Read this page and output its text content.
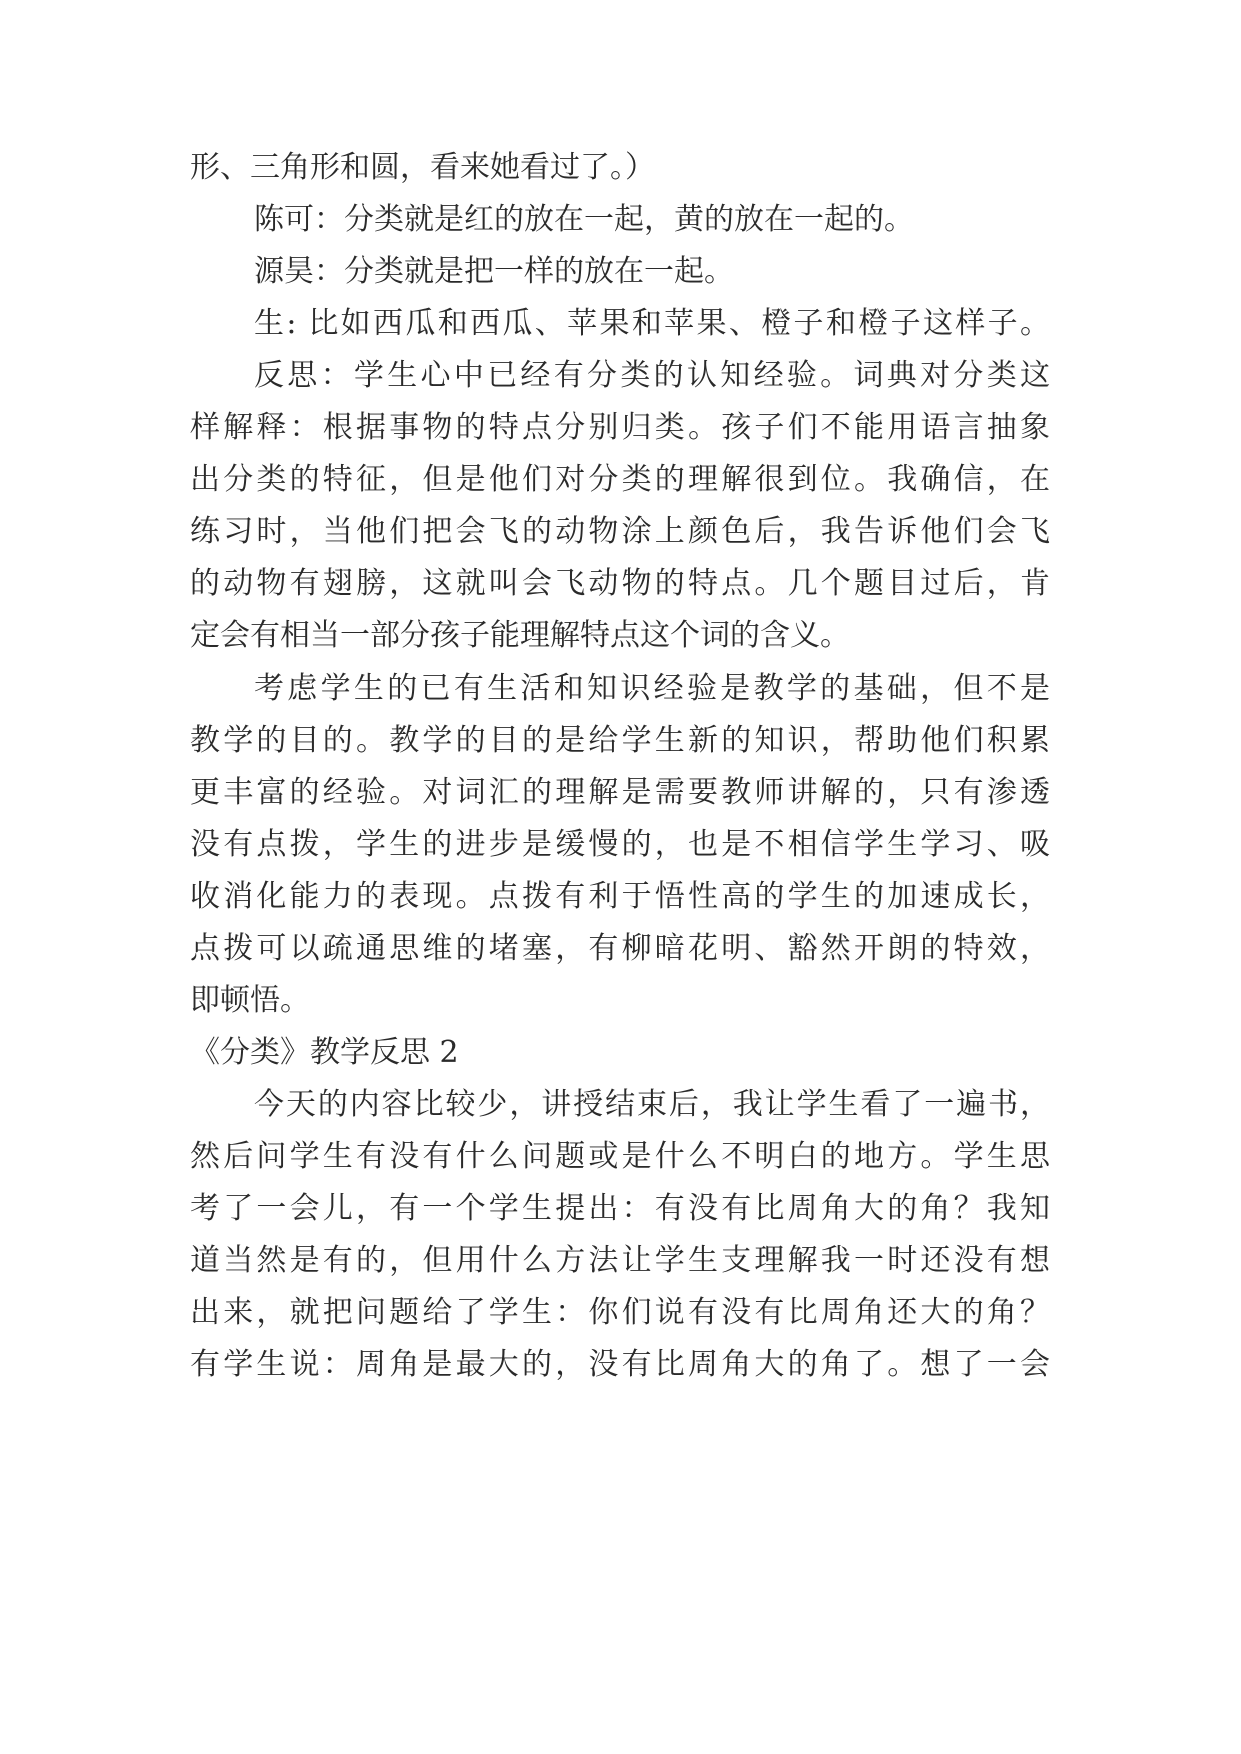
形、三角形和圆，看来她看过了。）
陈可：分类就是红的放在一起，黄的放在一起的。
源昊：分类就是把一样的放在一起。
生: 比如西瓜和西瓜、苹果和苹果、橙子和橙子这样子。
反思：学生心中已经有分类的认知经验。词典对分类这
样解释：根据事物的特点分别归类。孩子们不能用语言抽象
出分类的特征，但是他们对分类的理解很到位。我确信，在
练习时，当他们把会飞的动物涂上颜色后，我告诉他们会飞
的动物有翅膀，这就叫会飞动物的特点。几个题目过后，肯
定会有相当一部分孩子能理解特点这个词的含义。
考虑学生的已有生活和知识经验是教学的基础，但不是
教学的目的。教学的目的是给学生新的知识，帮助他们积累
更丰富的经验。对词汇的理解是需要教师讲解的，只有渗透
没有点拨，学生的进步是缓慢的，也是不相信学生学习、吸
收消化能力的表现。点拨有利于悟性高的学生的加速成长，
点拨可以疏通思维的堵塞，有柳暗花明、豁然开朗的特效，
即顿悟。
《分类》教学反思 2
今天的内容比较少，讲授结束后，我让学生看了一遍书，
然后问学生有没有什么问题或是什么不明白的地方。学生思
考了一会儿，有一个学生提出：有没有比周角大的角？我知
道当然是有的，但用什么方法让学生支理解我一时还没有想
出来，就把问题给了学生：你们说有没有比周角还大的角？
有学生说：周角是最大的，没有比周角大的角了。想了一会
